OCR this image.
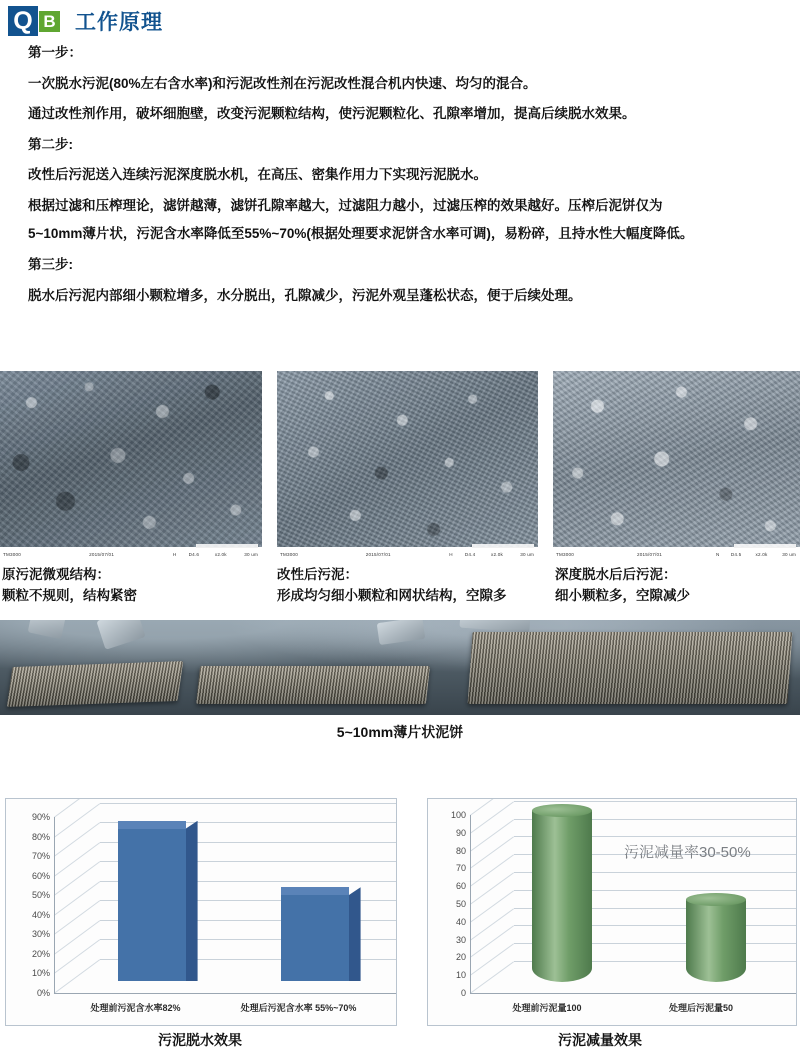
Q B 工作原理

第一步：

一次脱水污泥(80%左右含水率)和污泥改性剂在污泥改性混合机内快速、均匀的混合。

通过改性剂作用，破坏细胞壁，改变污泥颗粒结构，使污泥颗粒化、孔隙率增加，提高后续脱水效果。

第二步:

改性后污泥送入连续污泥深度脱水机，在高压、密集作用力下实现污泥脱水。

根据过滤和压榨理论，滤饼越薄，滤饼孔隙率越大，过滤阻力越小，过滤压榨的效果越好。压榨后泥饼仅为

5~10mm薄片状，污泥含水率降低至55%~70%(根据处理要求泥饼含水率可调)，易粉碎，且持水性大幅度降低。

第三步:

脱水后污泥内部细小颗粒增多，水分脱出，孔隙减少，污泥外观呈蓬松状态，便于后续处理。

TM3000	2015/07/01	H	D4.6	x2.0k	30 um	TM3000	2015/07/01	H	D4.4	x2.0k	30 um	TM3000	2015/07/01	N D4.5	x2.0k	30 um
原污泥微观结构：
颗粒不规则，结构紧密
改性后污泥：
形成均匀细小颗粒和网状结构，空隙多
深度脱水后后污泥：
细小颗粒多，空隙减少
5~10mm薄片状泥饼
0%
10%
20%
30%
40%
50%
60%
70%
80%
90%
处理前污泥含水率82%	处理后污泥含水率 55%~70%
0
10
20
30
40
50
60
70
80
90
100
处理前污泥量100	处理后污泥量50
污泥减量率30-50%
污泥脱水效果	污泥减量效果
